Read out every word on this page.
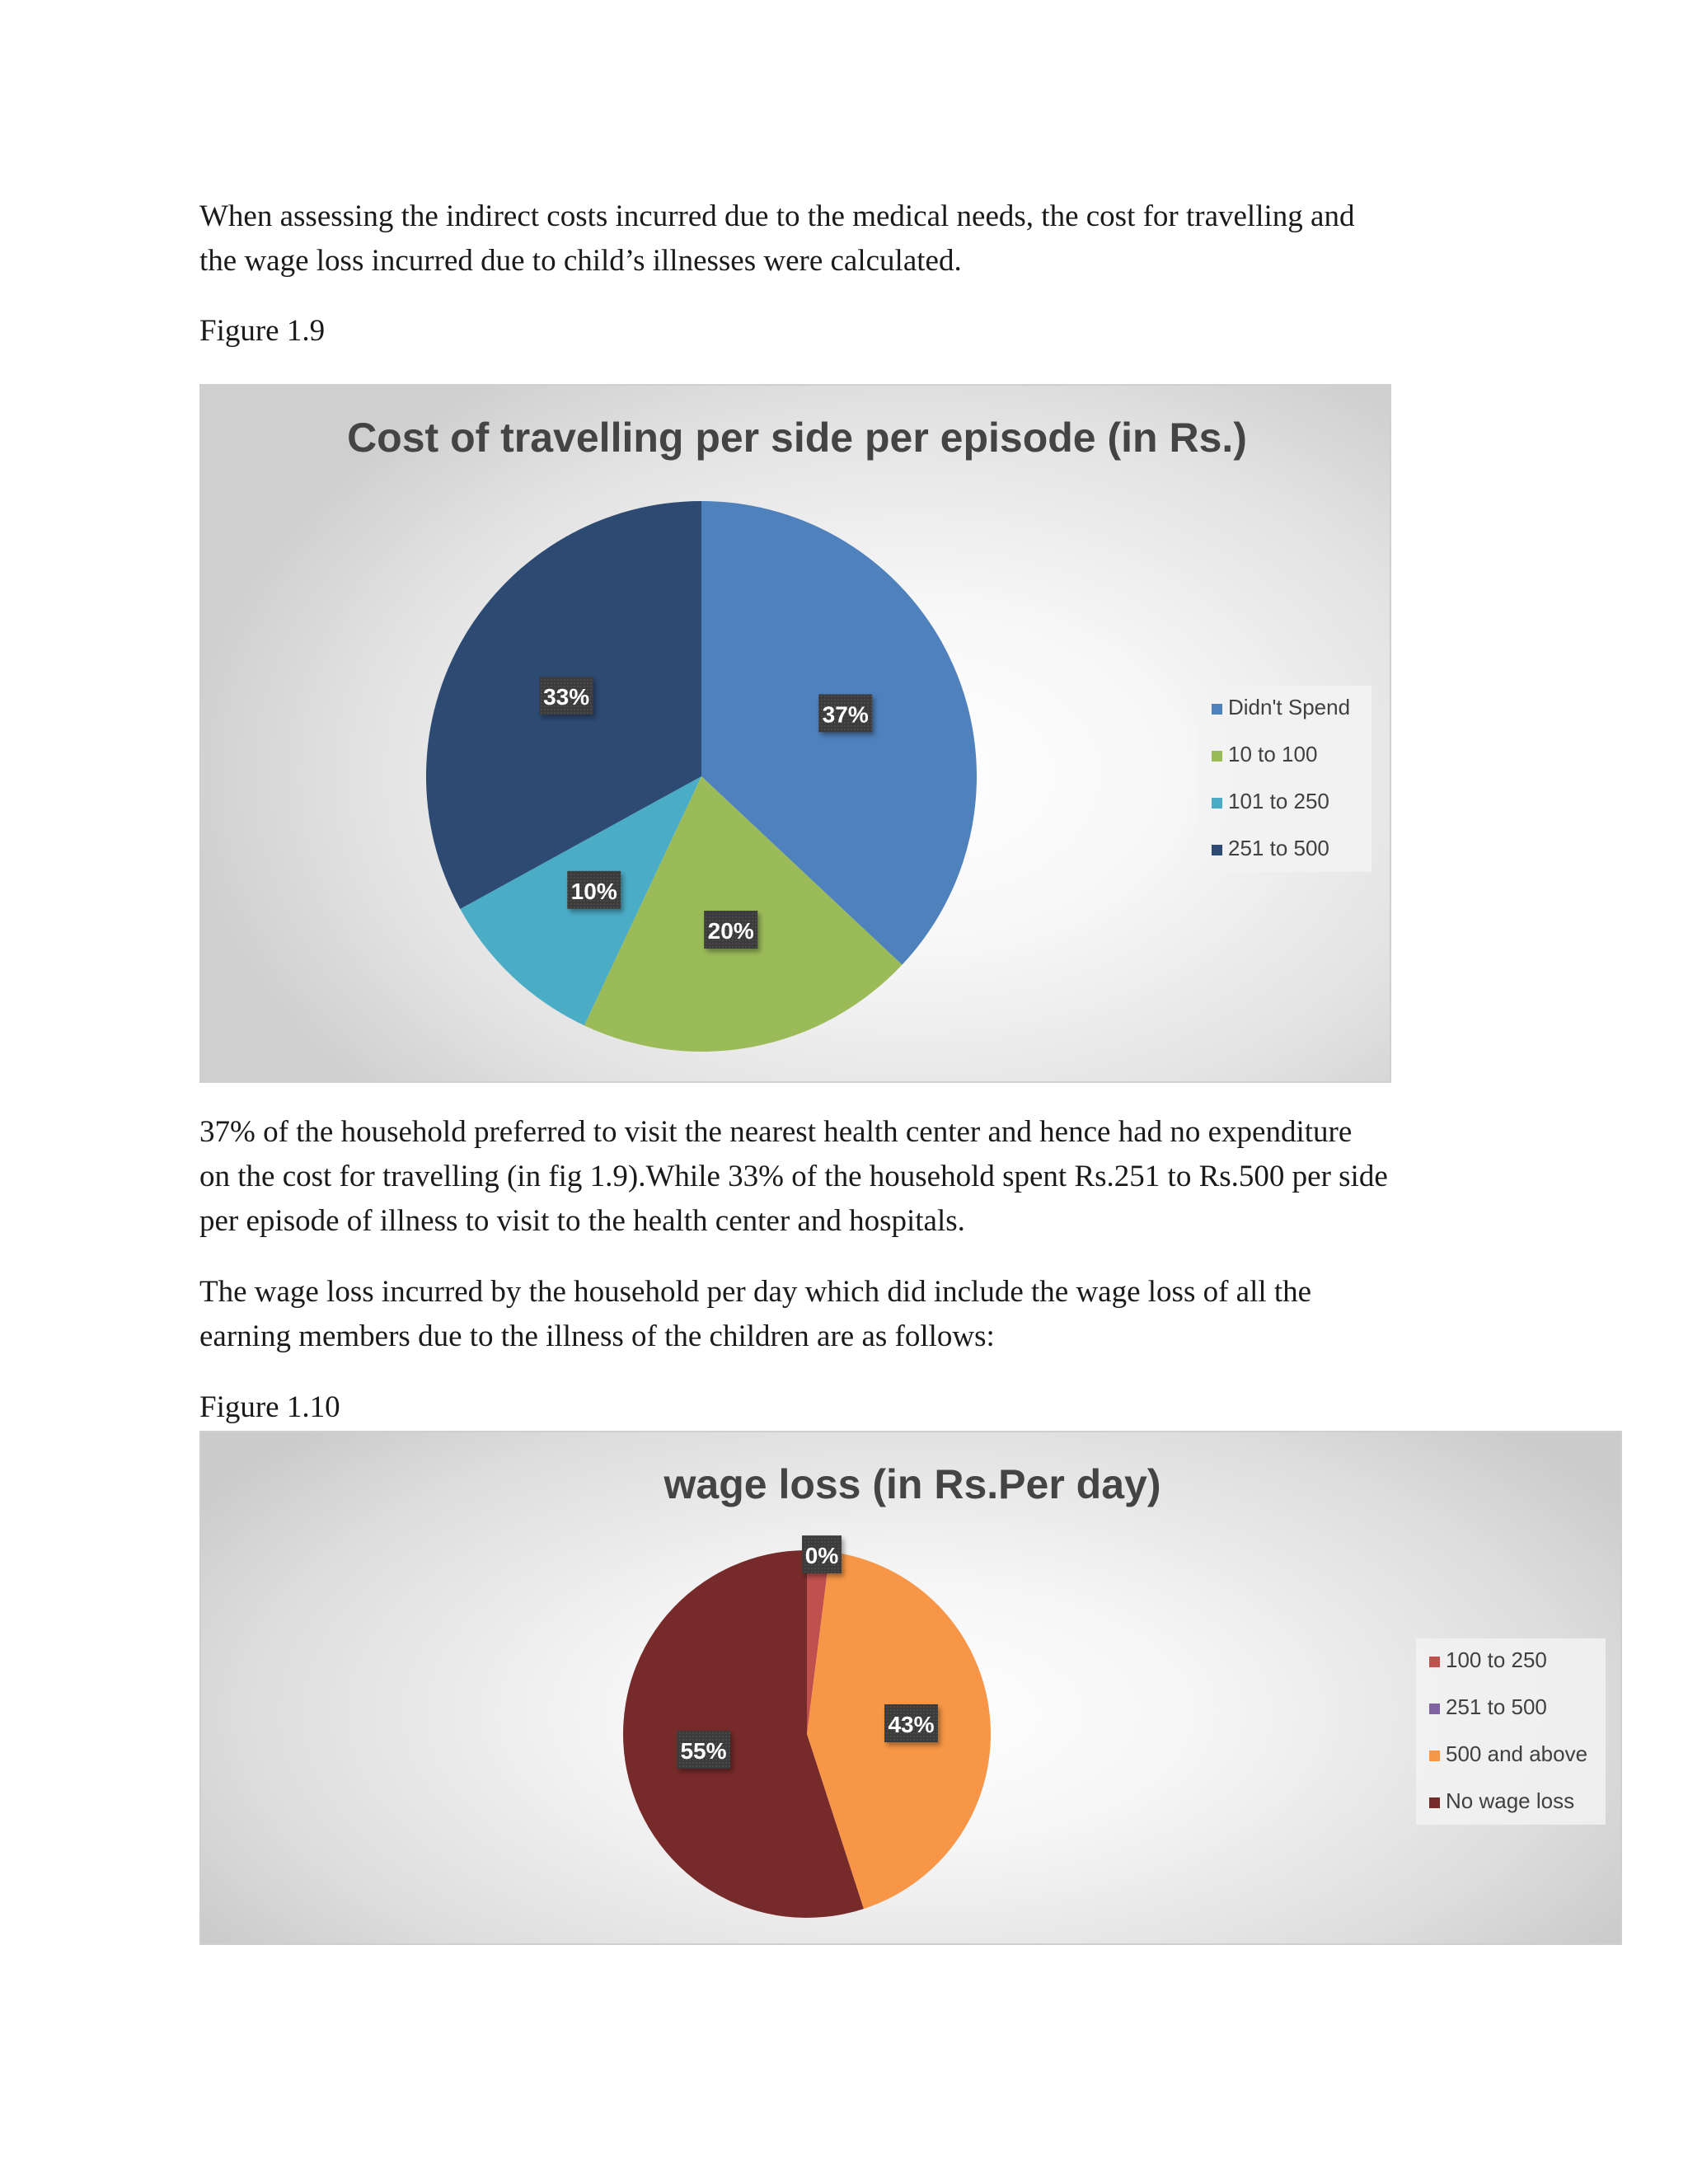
When assessing the indirect costs incurred due to the medical needs, the cost for travelling and
the wage loss incurred due to child’s illnesses were calculated.

Figure 1.9

Cost of travelling per side per episode (in Rs.)
37%
20%
10%
33%	Didn't Spend
10 to 100
101 to 250
251 to 500
37% of the household preferred to visit the nearest health center and hence had no expenditure
on the cost for travelling (in fig 1.9).While 33% of the household spent Rs.251 to Rs.500 per side
per episode of illness to visit to the health center and hospitals.
The wage loss incurred by the household per day which did include the wage loss of all the
earning members due to the illness of the children are as follows:

Figure 1.10

wage loss (in Rs.Per day)
0%
43%
55%
100 to 250
251 to 500
500 and above
No wage loss
